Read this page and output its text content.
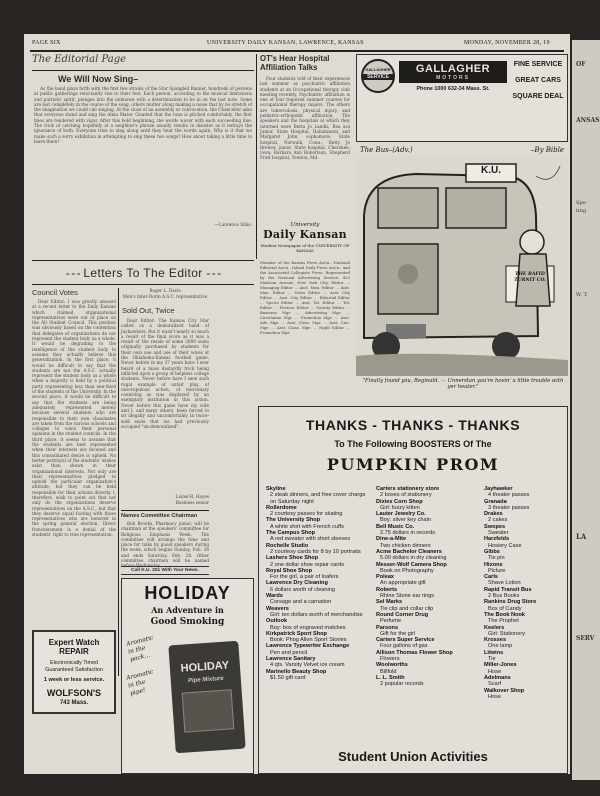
PAGE SIX	UNIVERSITY DAILY KANSAN, LAWRENCE, KANSAS	MONDAY, NOVEMBER 28, 19
The Editorial Page
We Will Now Sing–

As the band plays forth with the first few strains of the Star Spangled Banner, hundreds of persons at public gatherings reluctantly rise to their feet. Each person, according to the musical limitations and patriotic spirit, plunges into the unknown with a determination to be in on the last note. Some are lost completely in the course of the song, others mutter along making a noise that by no stretch of the imagination we could call singing. At the close of an assembly or convocation, the Chancellor asks that everyone stand and sing the Alma Mater. Granted that the tune is pitched comfortably, the first lines are rendered with vigor. After this bold beginning, the words waver with each succeeding line. The trick of catching hopefully at a neighbor's phrase usually results in disaster as it betrays the ignorance of both. Everyone tries to sing along until they hear the words again. Why is it that we make such a sorry exhibition in attempting to sing these two songs? How about taking a little time to learn them?

—Laurence Silko.
OT's Hear Hospital Affiliation Talks

Four students told of their experiences last summer as psychiatric affiliation students at an Occupational therapy club meeting recently. Psychiatric affiliation is one of four required summer courses for occupational therapy majors. The others are tuberculosis, physical injury, and pediatric-orthopedic affiliation. The speakers and the hospitals at which they interned were Betta Jo Landis, Bea ara Junior, State Hospital, Haliamason, and Margaret John, sophomore, State hospital, Norwalk, Conn.; Betty Jo Brewer, junior, State hospital, Cherokee, Iowa; Barbara Ann Robertson, Shepherd Pratt hospital, Towson, Md.

University
Daily Kansan
Student Newspaper of the UNIVERSITY OF KANSAS
Member of the Kansas Press Ass'n., National Editorial Ass'n., Inland Daily Press Ass'n., and the Associated Collegiate Press. Represented by the National Advertising Service, 420 Madison Avenue, New York City. Editor … Managing Editor … Asst. Man. Editor … Asst. Man. Editor … News Editor … Asst. City Editor … Asst. City Editor … Editorial Editor … Sports Editor … Asst. Tel. Editor … Tel. Editor … Feature Editor … Society Editor … Business Mgr. … Advertising Mgr. … Circulation Mgr. … Promotion Mgr. … Asst. Adv. Mgr. … Asst. Class. Mgr. … Asst. Circ. Mgr. … Asst. Class. Mgr. … Night Editor … Promotion Mgr.
- - - Letters To The Editor - - -
Council Votes

Dear Editor: I was greatly amused at a recent letter to the Daily Kansan which claimed organizational representatives were out of place on the All Student Council. This position was obviously based on the contention that delegates of organizations do not represent the student body as a whole. It would be degrading to the intelligence of the student body to assume they actually believe this generalization. In the first place, it would be difficult to say that the students are not the A.S.C. actually represent the student body as a whole when a majority is held by a political party representing less than one-third of the students of the University. In the second place, it would be difficult to say that the students are being adequately represented merely because several students who are responsible to their own classmates are taken from the various schools and colleges to voice their personal opinions in the student councils. In the third place, it seems to assume that the students are best represented when their interests are focused and this consolidated desire is upheld. No better portrayal of the students' wishes exist than shown in their organizational interests. Not only are their representatives pledged to uphold the particular organization's attitude, but they can be held responsible for their actions directly. I, therefore, wish to point out that not only do the organizations deserve representatives on the A.S.C., but that they deserve equal footing with those representatives who are honored in the spring general election. Direct franchisement is a denial of the students' right to true representation.

Roger L. Davis
Men's Inter-Dorm A.S.C. representative
Sold Out, Twice

Dear Editor: The Kansas City Star called us a demoralized band of Jayhawkers. But it wasn't nearly so much a result of the final score as it was a result of the resale of some 2000 seats originally purchased by students for their own use and use of their wives at the Oklahoma-Kansas football game. Never before in my 37 years have I ever heard of a mass dastardly trick being inflicted upon a group of helpless college students. Never before have I seen such rugal example of unfair play, of unscrupulous action, of mercenary conniving as was displayed by an exemplary institution in this action. Never before this game have my wife and I, and many others, been forced to sit illegally and uncomfortably in twice-sold seats that we had previously occupied "un-demoralized".

Lionel R. Hayes
Business senior
Names Committee Chairman

Bob Brooks, Pharmacy junior, will be chairman of the speakers' committee for Religious Emphasis Week. The committee will arrange the time and place for talks by guest speakers during the week, which begins Sunday, Feb. 26 and ends Saturday, Feb. 28. Other committee chairmen will be named before Wednesday.

Call K.U. 251 With Your News.
HOLIDAY
An Adventure in
Good Smoking
Aromatic in the pack…
Aromatic in the pipe!
HOLIDAY
Pipe Mixture
Expert Watch REPAIR
Electronically Timed
Guaranteed Satisfaction
1 week or less service.
WOLFSON'S
743 Mass.
GALLAGHER
SERVICE
GALLAGHER
MOTORS
Phone 1000 632-34 Mass. St.
FINE SERVICE
GREAT CARS
SQUARE DEAL
The Bus–(Adv.)	–By Bible
K.U.
THE RAFID TURNIT CO.
"Finally found you, Reginald. — Unnerstan you're hovin' a little trouble with yer heater."
THANKS - THANKS - THANKS
To The Following BOOSTERS Of The
PUMPKIN PROM
Student Union Activities
Skyline
2 steak dinners, and free cover charge on Saturday night
Rollerdome
2 courtesy passes for skating
The University Shop
A white shirt with French cuffs
The Campus Shop
A red sweater with short sleeves
Rochelle Studio
2 courtesy cards for 8 by 10 portraits
Lashers Shoe Shop
2 one dollar shoe repair cards
Royal Shoe Shop
For the girl, a pair of loafers
Lawrence Dry Cleaning
6 dollars worth of cleaning
Wards
Corsage and a carnation
Weavers
Girl: ten dollars worth of merchandise
Outlook
Boy: box of engraved matches
Kirkpatrick Sport Shop
Book: Phog Allen Sport Stories
Lawrence Typewriter Exchange
Pen and pencil
Lawrence Sanitary
4 qts. Varsity Velvet ice cream
Marinello Beauty Shop
$1.50 gift card
Carters stationery store
2 boxes of stationery
Dixies Corn Shop
Girl: fuzzy kitten
Lauter Jewelry Co.
Boy: silver key chain
Bell Music Co.
2.75 dollars in records
Dine-a-Mite
Two chicken dinners
Acme Bachelor Cleaners
5.00 dollars in dry cleaning
Messer-Wolf Camera Shop
Book on Photography
Poleax
An appropriate gift
Roberts
Rhine Stone ear rings
Sel Marks
Tie clip and collar clip
Round Corner Drug
Perfume
Parsons
Gift for the girl
Carters Super Service
Four gallons of gas
Allison Thomas Flower Shop
Flowers
Woolworths
Billfold
L. L. Smith
2 popular records
Jayhawker
4 theater passes
Granada
3 theater passes
Drakes
2 cakes
Swopes
Sweater
Harzfelds
Hosiery Case
Gibbs
Tie pin
Hixons
Picture
Carls
Shave Lotion
Rapid Transit Bus
2 Bus Books
Rankins Drug Store
Box of Candy
The Book Nook
The Prophet
Keelers
Girl: Stationery
Krosses
One lamp
Litwins
Tie
Miller-Jones
Hose
Adelmans
Scarf
Walkover Shop
Hose
OF
ANSAS
Spe-
ting
W. T.
LA
SERV
